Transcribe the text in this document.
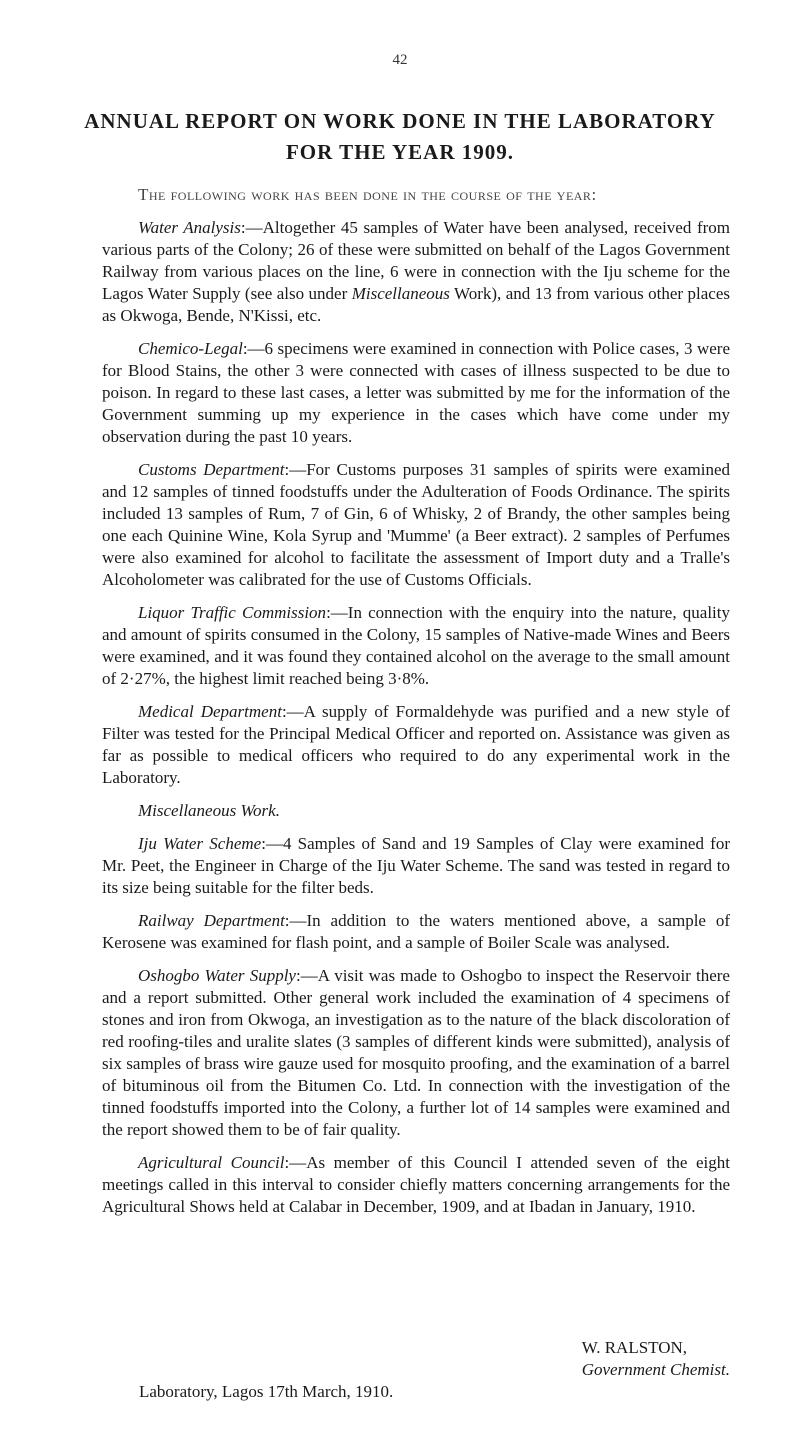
42
ANNUAL REPORT ON WORK DONE IN THE LABORATORY FOR THE YEAR 1909.

The following work has been done in the course of the year:

Water Analysis:—Altogether 45 samples of Water have been analysed, received from various parts of the Colony; 26 of these were submitted on behalf of the Lagos Government Railway from various places on the line, 6 were in connection with the Iju scheme for the Lagos Water Supply (see also under Miscellaneous Work), and 13 from various other places as Okwoga, Bende, N'Kissi, etc.

Chemico-Legal:—6 specimens were examined in connection with Police cases, 3 were for Blood Stains, the other 3 were connected with cases of illness suspected to be due to poison. In regard to these last cases, a letter was submitted by me for the information of the Government summing up my experience in the cases which have come under my observation during the past 10 years.

Customs Department:—For Customs purposes 31 samples of spirits were examined and 12 samples of tinned foodstuffs under the Adulteration of Foods Ordinance. The spirits included 13 samples of Rum, 7 of Gin, 6 of Whisky, 2 of Brandy, the other samples being one each Quinine Wine, Kola Syrup and 'Mumme' (a Beer extract). 2 samples of Perfumes were also examined for alcohol to facilitate the assessment of Import duty and a Tralle's Alcoholometer was calibrated for the use of Customs Officials.

Liquor Traffic Commission:—In connection with the enquiry into the nature, quality and amount of spirits consumed in the Colony, 15 samples of Native-made Wines and Beers were examined, and it was found they contained alcohol on the average to the small amount of 2·27%, the highest limit reached being 3·8%.

Medical Department:—A supply of Formaldehyde was purified and a new style of Filter was tested for the Principal Medical Officer and reported on. Assistance was given as far as possible to medical officers who required to do any experimental work in the Laboratory.

Miscellaneous Work.

Iju Water Scheme:—4 Samples of Sand and 19 Samples of Clay were examined for Mr. Peet, the Engineer in Charge of the Iju Water Scheme. The sand was tested in regard to its size being suitable for the filter beds.

Railway Department:—In addition to the waters mentioned above, a sample of Kerosene was examined for flash point, and a sample of Boiler Scale was analysed.

Oshogbo Water Supply:—A visit was made to Oshogbo to inspect the Reservoir there and a report submitted. Other general work included the examination of 4 specimens of stones and iron from Okwoga, an investigation as to the nature of the black discoloration of red roofing-tiles and uralite slates (3 samples of different kinds were submitted), analysis of six samples of brass wire gauze used for mosquito proofing, and the examination of a barrel of bituminous oil from the Bitumen Co. Ltd. In connection with the investigation of the tinned foodstuffs imported into the Colony, a further lot of 14 samples were examined and the report showed them to be of fair quality.

Agricultural Council:—As member of this Council I attended seven of the eight meetings called in this interval to consider chiefly matters concerning arrangements for the Agricultural Shows held at Calabar in December, 1909, and at Ibadan in January, 1910.

W. RALSTON,
Government Chemist.
Laboratory, Lagos 17th March, 1910.
